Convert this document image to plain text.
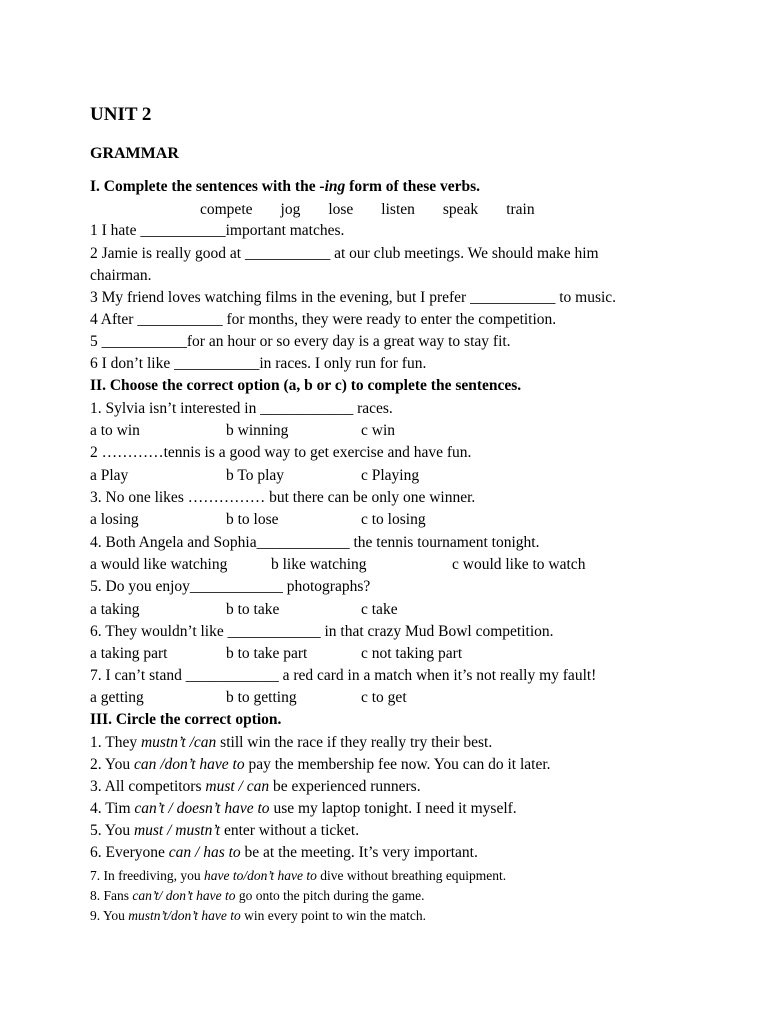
UNIT 2
GRAMMAR
I. Complete the sentences with the -ing form of these verbs.
compete jog lose listen speak train
1 I hate ___________important matches.
2 Jamie is really good at ___________ at our club meetings. We should make him
chairman.
3 My friend loves watching films in the evening, but I prefer ___________ to music.
4 After ___________ for months, they were ready to enter the competition.
5 ___________for an hour or so every day is a great way to stay fit.
6 I don’t like ___________in races. I only run for fun.
II. Choose the correct option (a, b or c) to complete the sentences.
1. Sylvia isn’t interested in ____________ races.
a to win	b winning	c win
2 …………tennis is a good way to get exercise and have fun.
a Play	b To play	c Playing
3. No one likes …………… but there can be only one winner.
a losing	b to lose	c to losing
4. Both Angela and Sophia____________ the tennis tournament tonight.
a would like watching	b like watching	c would like to watch
5. Do you enjoy____________ photographs?
a taking	b to take	c take
6. They wouldn’t like ____________ in that crazy Mud Bowl competition.
a taking part	b to take part	c not taking part
7. I can’t stand ____________ a red card in a match when it’s not really my fault!
a getting	b to getting	c to get
III. Circle the correct option.
1. They mustn’t /can still win the race if they really try their best.
2. You can /don’t have to pay the membership fee now. You can do it later.
3. All competitors must / can be experienced runners.
4. Tim can’t / doesn’t have to use my laptop tonight. I need it myself.
5. You must / mustn’t enter without a ticket.
6. Everyone can / has to be at the meeting. It’s very important.
7. In freediving, you have to/don’t have to dive without breathing equipment.
8. Fans can’t/ don’t have to go onto the pitch during the game.
9. You mustn’t/don’t have to win every point to win the match.
